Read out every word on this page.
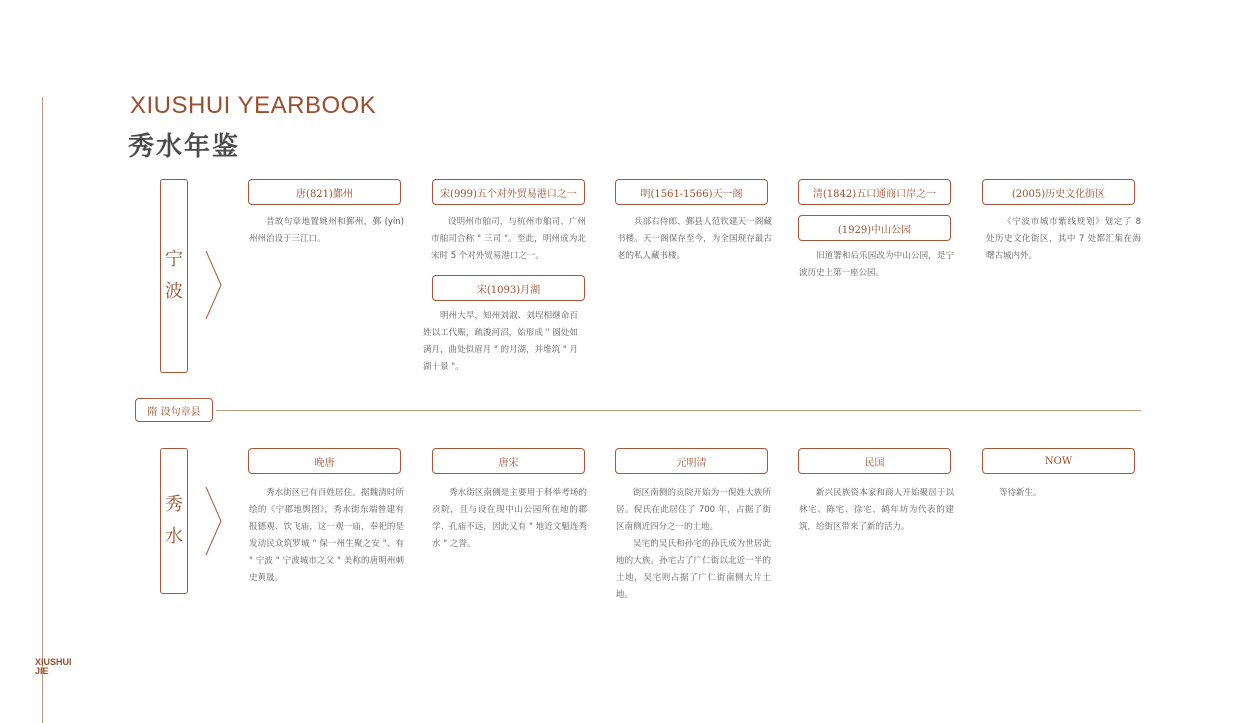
XIUSHUI YEARBOOK
秀水年鉴
XIUSHUI
JIE
宁
波
唐(821)鄞州
昔故句章地置姚州和鄞州，鄞 (yín)州州治设于三江口。
宋(999)五个对外贸易港口之一
设明州市舶司，与杭州市舶司、广州市舶司合称 " 三司 "。至此，明州成为北宋时 5 个对外贸易港口之一。
宋(1093)月湖
明州大旱，知州刘淑、刘埕相继命百姓以工代赈，疏浚河沼，始形成 " 圆处如满月，曲处似眉月 " 的月湖，并堆筑 " 月湖十景 "。
明(1561-1566)天一阁
兵部右侍郎、鄞县人范钦建天一阁藏书楼。天一阁保存至今，为全国现存最古老的私人藏书楼。
清(1842)五口通商口岸之一
(1929)中山公园
旧道署和后乐园改为中山公园，是宁波历史上第一座公园。
(2005)历史文化街区
《宁波市城市紫线规划》划定了 8 处历史文化街区，其中 7 处都汇集在海曙古城内外。
隋 设句章县
秀
水
晚唐
秀水街区已有百姓居住。据魏清时所绘的《宁郡地舆图》，秀水街东端曾建有报德观、饮飞庙，这一观一庙，奉祀的是发动民众筑罗城 " 保一州生聚之安 "、有 " 宁波 " 宁波城市之父 " 美称的唐明州刺史黄晟。
唐宋
秀水街区南侧是主要用于科举考场的贡院，且与设在现中山公园所在地的郡学、孔庙不远，因此又有 " 地近文魁连秀水 " 之誉。
元明清
街区南侧的贡院开始为一倪姓大族所居。倪氏在此居住了 700 年，占据了街区南侧近四分之一的土地。
吴宅的吴氏和孙宅的孙氏成为世居此地的大族。孙宅占了广仁街以北近一半的土地，吴宅则占据了广仁街南侧大片土地。
民国
新兴民族资本家和商人开始聚居于以林宅、陈宅、徐宅、鹤年坊为代表的建筑，给街区带来了新的活力。
NOW
等待新生。
